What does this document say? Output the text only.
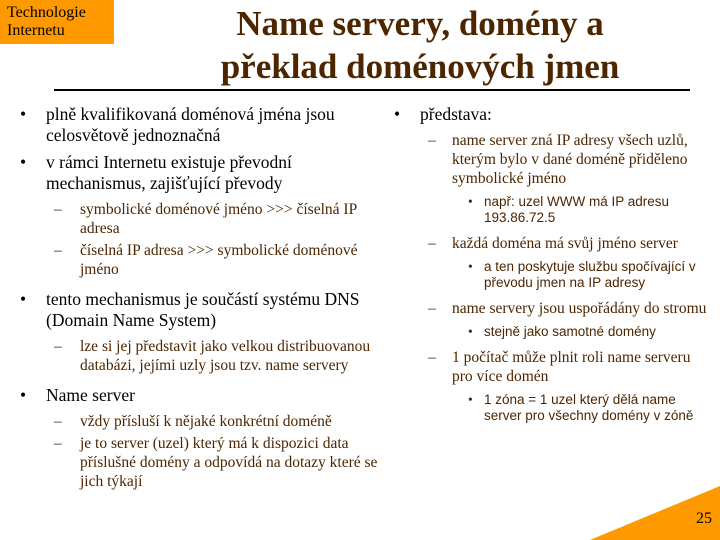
Technologie
Internetu	Name servery, domény a
překlad doménových jmen
• plně kvalifikovaná doménová jména jsou celosvětově jednoznačná
• v rámci Internetu existuje převodní mechanismus, zajišťující převody
– symbolické doménové jméno >>> číselná IP adresa
– číselná IP adresa >>> symbolické doménové jméno
• tento mechanismus je součástí systému DNS (Domain Name System)
– lze si jej představit jako velkou distribuovanou databázi, jejími uzly jsou tzv. name servery
• Name server
– vždy přísluší k nějaké konkrétní doméně
– je to server (uzel) který má k dispozici data příslušné domény a odpovídá na dotazy které se jich týkají
• představa:
– name server zná IP adresy všech uzlů, kterým bylo v dané doméně přiděleno symbolické jméno
• např: uzel WWW má IP adresu 193.86.72.5
– každá doména má svůj jméno server
• a ten poskytuje službu spočívající v převodu jmen na IP adresy
– name servery jsou uspořádány do stromu
• stejně jako samotné domény
– 1 počítač může plnit roli name serveru pro více domén
• 1 zóna = 1 uzel který dělá name server pro všechny domény v zóně
25
